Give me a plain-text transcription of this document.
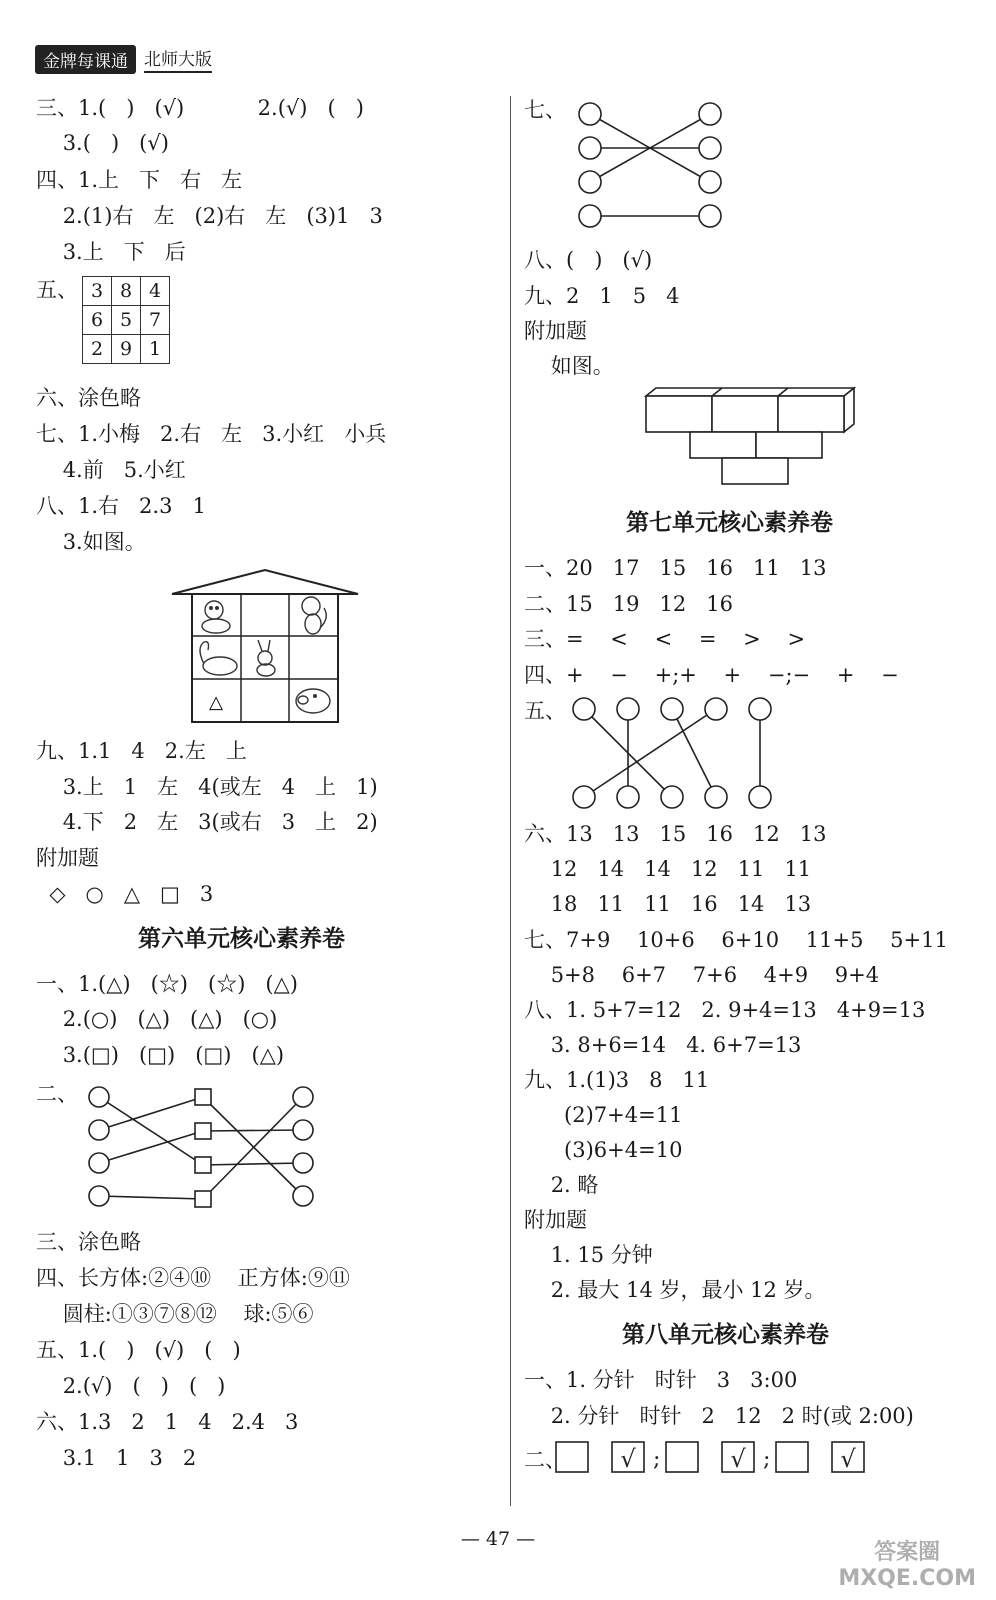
金牌每课通 北师大版
三、1.(   )   (√)           2.(√)   (   )
3.(   )   (√)
四、1.上   下   右   左
2.(1)右   左   (2)右   左   (3)1   3
3.上   下   后
五、 3	8	4
6	5	7
2	9	1
六、涂色略
七、1.小梅   2.右   左   3.小红   小兵
4.前   5.小红
八、1.右   2.3   1
3.如图。
△
九、1.1   4   2.左   上
3.上   1   左   4(或左   4   上   1)
4.下   2   左   3(或右   3   上   2)
附加题
◇   ○   △   □   3
第六单元核心素养卷
一、1.(△)   (☆)   (☆)   (△)
2.(○)   (△)   (△)   (○)
3.(□)   (□)   (□)   (△)
二、
三、涂色略
四、长方体:②④⑩    正方体:⑨⑪
圆柱:①③⑦⑧⑫    球:⑤⑥
五、1.(   )   (√)   (   )
2.(√)   (   )   (   )
六、1.3   2   1   4   2.4   3
3.1   1   3   2
七、
八、(   )   (√)
九、2   1   5   4
附加题
如图。
第七单元核心素养卷
一、20   17   15   16   11   13
二、15   19   12   16
三、=    <    <    =    >    >
四、+    −    +;+    +    −;−    +    −
五、
六、13   13   15   16   12   13
12   14   14   12   11   11
18   11   11   16   14   13
七、7+9    10+6    6+10    11+5    5+11
5+8    6+7    7+6    4+9    9+4
八、1. 5+7=12   2. 9+4=13   4+9=13
3. 8+6=14   4. 6+7=13
九、1.(1)3   8   11
(2)7+4=11
(3)6+4=10
2. 略
附加题
1. 15 分钟
2. 最大 14 岁，最小 12 岁。
第八单元核心素养卷
一、1. 分针   时针   3   3:00
2. 分针   时针   2   12   2 时(或 2:00)
二、	;	;
√	√	√
— 47 —
答案圈
MXQE.COM
